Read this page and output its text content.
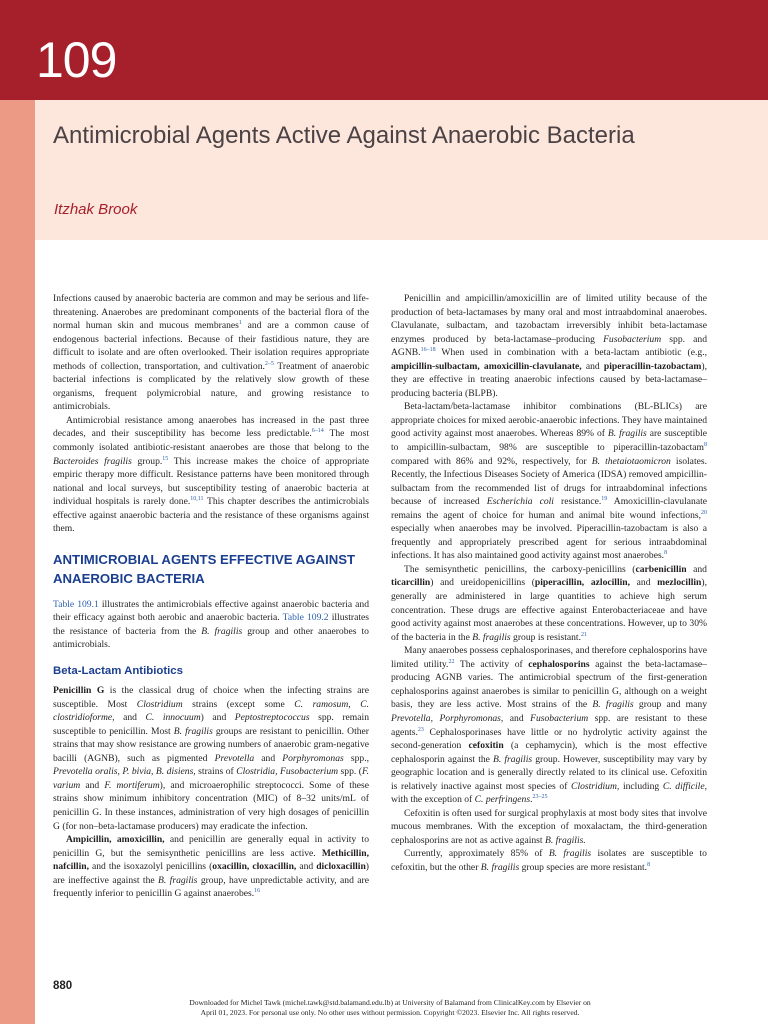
109
Antimicrobial Agents Active Against Anaerobic Bacteria
Itzhak Brook

Infections caused by anaerobic bacteria are common and may be serious and life-threatening. Anaerobes are predominant components of the bacterial flora of the normal human skin and mucous membranes$^1$ and are a common cause of endogenous bacterial infections. Because of their fastidious nature, they are difficult to isolate and are often overlooked. Their isolation requires appropriate methods of collection, transportation, and cultivation.$^{2-5}$ Treatment of anaerobic bacterial infections is complicated by the relatively slow growth of these organisms, frequent polymicrobial nature, and growing resistance to antimicrobials.

Antimicrobial resistance among anaerobes has increased in the past three decades, and their susceptibility has become less predictable.$^{6-14}$ The most commonly isolated antibiotic-resistant anaerobes are those that belong to the Bacteroides fragilis group.$^{15}$ This increase makes the choice of appropriate empiric therapy more difficult. Resistance patterns have been monitored through national and local surveys, but susceptibility testing of anaerobic bacteria at individual hospitals is rarely done.$^{10,11}$ This chapter describes the antimicrobials effective against anaerobic bacteria and the resistance of these organisms against them.

ANTIMICROBIAL AGENTS EFFECTIVE AGAINST ANAEROBIC BACTERIA

Table 109.1 illustrates the antimicrobials effective against anaerobic bacteria and their efficacy against both aerobic and anaerobic bacteria. Table 109.2 illustrates the resistance of bacteria from the B. fragilis group and other anaerobes to antimicrobials.

Beta-Lactam Antibiotics

Penicillin G is the classical drug of choice when the infecting strains are susceptible. Most Clostridium strains (except some C. ramosum, C. clostridioforme, and C. innocuum) and Peptostreptococcus spp. remain susceptible to penicillin. Most B. fragilis groups are resistant to penicillin. Other strains that may show resistance are growing numbers of anaerobic gram-negative bacilli (AGNB), such as pigmented Prevotella and Porphyromonas spp., Prevotella oralis, P. bivia, B. disiens, strains of Clostridia, Fusobacterium spp. (F. varium and F. mortiferum), and microaerophilic streptococci. Some of these strains show minimum inhibitory concentration (MIC) of 8–32 units/mL of penicillin G. In these instances, administration of very high dosages of penicillin G (for non–beta-lactamase producers) may eradicate the infection.

Ampicillin, amoxicillin, and penicillin are generally equal in activity to penicillin G, but the semisynthetic penicillins are less active. Methicillin, nafcillin, and the isoxazolyl penicillins (oxacillin, cloxacillin, and dicloxacillin) are ineffective against the B. fragilis group, have unpredictable activity, and are frequently inferior to penicillin G against anaerobes.$^{16}$

Penicillin and ampicillin/amoxicillin are of limited utility because of the production of beta-lactamases by many oral and most intraabdominal anaerobes. Clavulanate, sulbactam, and tazobactam irreversibly inhibit beta-lactamase enzymes produced by beta-lactamase–producing Fusobacterium spp. and AGNB.$^{16-18}$ When used in combination with a beta-lactam antibiotic (e.g., ampicillin-sulbactam, amoxicillin-clavulanate, and piperacillin-tazobactam), they are effective in treating anaerobic infections caused by beta-lactamase–producing bacteria (BLPB).

Beta-lactam/beta-lactamase inhibitor combinations (BL-BLICs) are appropriate choices for mixed aerobic-anaerobic infections. They have maintained good activity against most anaerobes. Whereas 89% of B. fragilis are susceptible to ampicillin-sulbactam, 98% are susceptible to piperacillin-tazobactam$^8$ compared with 86% and 92%, respectively, for B. thetaiotaomicron isolates. Recently, the Infectious Diseases Society of America (IDSA) removed ampicillin-sulbactam from the recommended list of drugs for intraabdominal infections because of increased Escherichia coli resistance.$^{19}$ Amoxicillin-clavulanate remains the agent of choice for human and animal bite wound infections,$^{20}$ especially when anaerobes may be involved. Piperacillin-tazobactam is also a frequently and appropriately prescribed agent for serious intraabdominal infections. It has also maintained good activity against most anaerobes.$^8$

The semisynthetic penicillins, the carboxy-penicillins (carbenicillin and ticarcillin) and ureidopenicillins (piperacillin, azlocillin, and mezlocillin), generally are administered in large quantities to achieve high serum concentration. These drugs are effective against Enterobacteriaceae and have good activity against most anaerobes at these concentrations. However, up to 30% of the bacteria in the B. fragilis group is resistant.$^{21}$

Many anaerobes possess cephalosporinases, and therefore cephalosporins have limited utility.$^{22}$ The activity of cephalosporins against the beta-lactamase–producing AGNB varies. The antimicrobial spectrum of the first-generation cephalosporins against anaerobes is similar to penicillin G, although on a weight basis, they are less active. Most strains of the B. fragilis group and many Prevotella, Porphyromonas, and Fusobacterium spp. are resistant to these agents.$^{23}$ Cephalosporinases have little or no hydrolytic activity against the second-generation cefoxitin (a cephamycin), which is the most effective cephalosporin against the B. fragilis group. However, susceptibility may vary by geographic location and is generally directly related to its clinical use. Cefoxitin is relatively inactive against most species of Clostridium, including C. difficile, with the exception of C. perfringens.$^{23-25}$

Cefoxitin is often used for surgical prophylaxis at most body sites that involve mucous membranes. With the exception of moxalactam, the third-generation cephalosporins are not as active against B. fragilis.

Currently, approximately 85% of B. fragilis isolates are susceptible to cefoxitin, but the other B. fragilis group species are more resistant.$^8$

880
Downloaded for Michel Tawk (michel.tawk@std.balamand.edu.lb) at University of Balamand from ClinicalKey.com by Elsevier on
April 01, 2023. For personal use only. No other uses without permission. Copyright ©2023. Elsevier Inc. All rights reserved.
